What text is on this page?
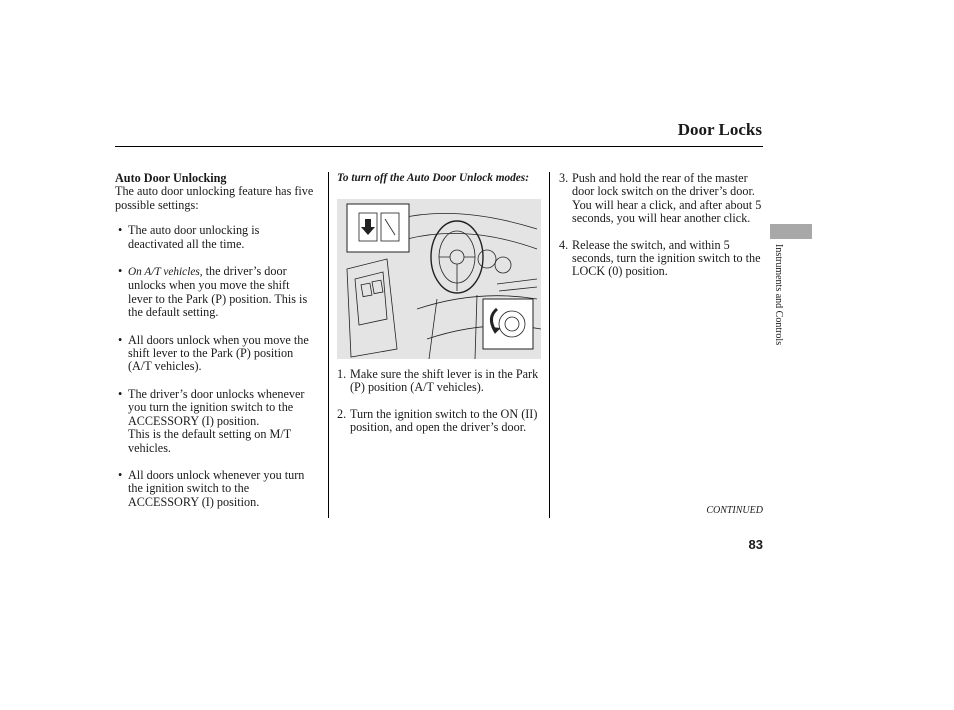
Door Locks

Auto Door Unlocking

The auto door unlocking feature has five possible settings:

• The auto door unlocking is deactivated all the time.
• On A/T vehicles, the driver’s door unlocks when you move the shift lever to the Park (P) position. This is the default setting.
• All doors unlock when you move the shift lever to the Park (P) position (A/T vehicles).
• The driver’s door unlocks whenever you turn the ignition switch to the ACCESSORY (I) position.
This is the default setting on M/T vehicles.
• All doors unlock whenever you turn the ignition switch to the ACCESSORY (I) position.

To turn off the Auto Door Unlock modes:

1. Make sure the shift lever is in the Park (P) position (A/T vehicles).
2. Turn the ignition switch to the ON (II) position, and open the driver’s door.
3. Push and hold the rear of the master door lock switch on the driver’s door. You will hear a click, and after about 5 seconds, you will hear another click.
4. Release the switch, and within 5 seconds, turn the ignition switch to the LOCK (0) position.	Instruments and Controls
CONTINUED
83
